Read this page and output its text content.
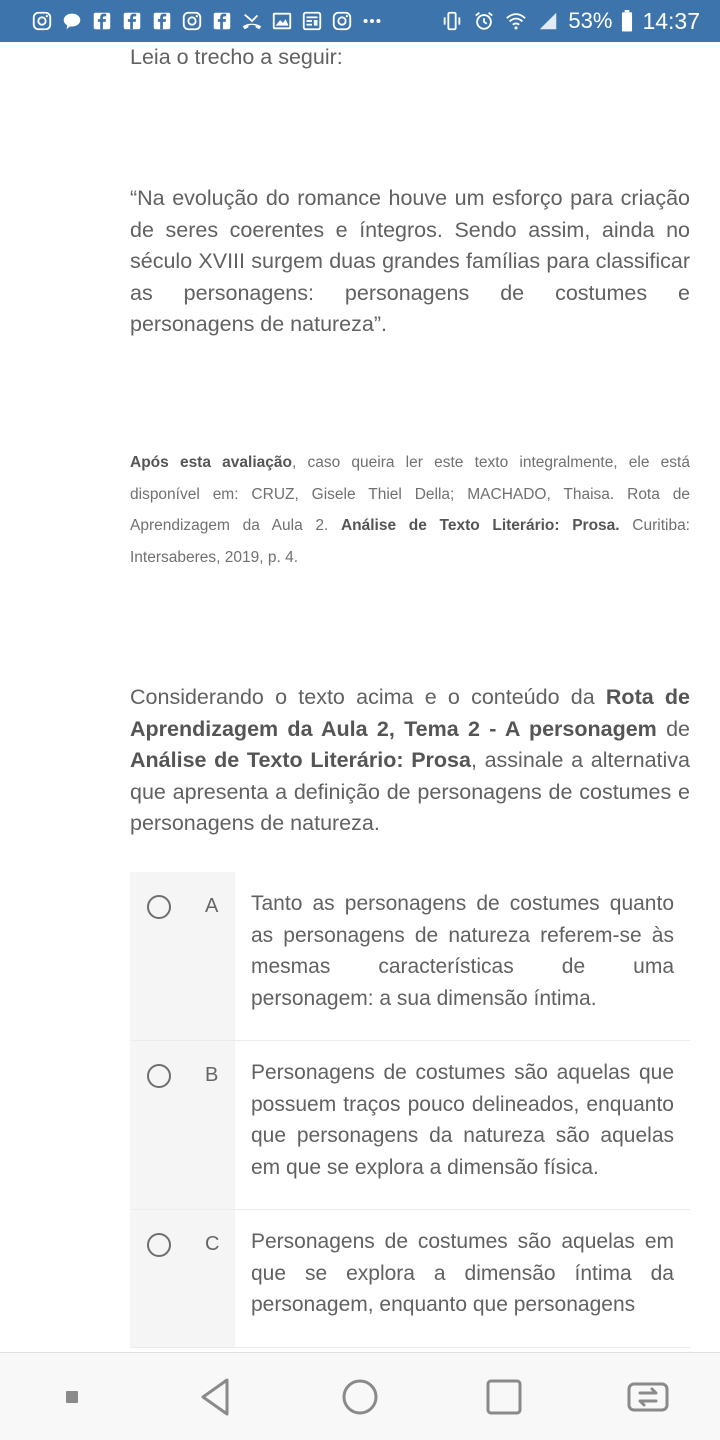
53% 14:37

Leia o trecho a seguir:

“Na evolução do romance houve um esforço para criação de seres coerentes e íntegros. Sendo assim, ainda no século XVIII surgem duas grandes famílias para classificar as personagens: personagens de costumes e personagens de natureza”.

Após esta avaliação, caso queira ler este texto integralmente, ele está disponível em: CRUZ, Gisele Thiel Della; MACHADO, Thaisa. Rota de Aprendizagem da Aula 2. Análise de Texto Literário: Prosa. Curitiba: Intersaberes, 2019, p. 4.

Considerando o texto acima e o conteúdo da Rota de Aprendizagem da Aula 2, Tema 2 - A personagem de Análise de Texto Literário: Prosa, assinale a alternativa que apresenta a definição de personagens de costumes e personagens de natureza.

A	Tanto as personagens de costumes quanto as personagens de natureza referem-se às mesmas características de uma personagem: a sua dimensão íntima.

B	Personagens de costumes são aquelas que possuem traços pouco delineados, enquanto que personagens da natureza são aquelas em que se explora a dimensão física.

C	Personagens de costumes são aquelas em que se explora a dimensão íntima da personagem, enquanto que personagens
